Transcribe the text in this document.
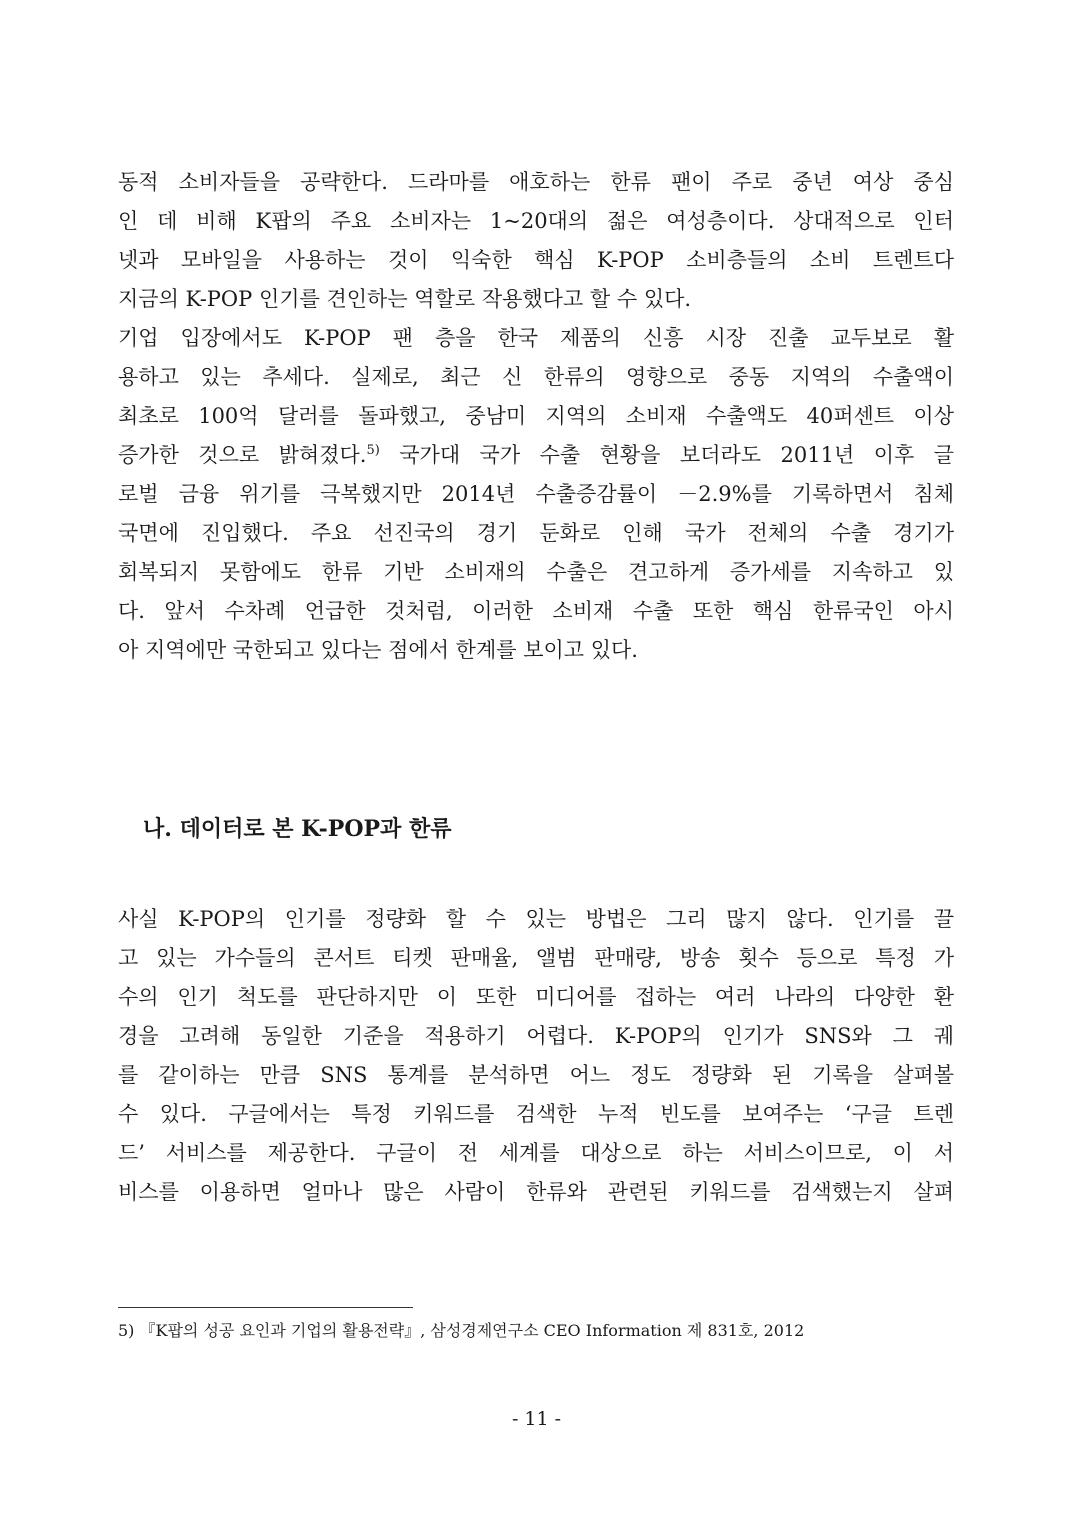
동적 소비자들을 공략한다. 드라마를 애호하는 한류 팬이 주로 중년 여상 중심
인 데 비해 K팝의 주요 소비자는 1~20대의 젊은 여성층이다. 상대적으로 인터
넷과 모바일을 사용하는 것이 익숙한 핵심 K-POP 소비층들의 소비 트렌트다
지금의 K-POP 인기를 견인하는 역할로 작용했다고 할 수 있다.
기업 입장에서도 K-POP 팬 층을 한국 제품의 신흥 시장 진출 교두보로 활
용하고 있는 추세다. 실제로, 최근 신 한류의 영향으로 중동 지역의 수출액이
최초로 100억 달러를 돌파했고, 중남미 지역의 소비재 수출액도 40퍼센트 이상
증가한 것으로 밝혀졌다.$^{5)}$ 국가대 국가 수출 현황을 보더라도 2011년 이후 글
로벌 금융 위기를 극복했지만 2014년 수출증감률이 －2.9%를 기록하면서 침체
국면에 진입했다. 주요 선진국의 경기 둔화로 인해 국가 전체의 수출 경기가
회복되지 못함에도 한류 기반 소비재의 수출은 견고하게 증가세를 지속하고 있
다. 앞서 수차례 언급한 것처럼, 이러한 소비재 수출 또한 핵심 한류국인 아시
아 지역에만 국한되고 있다는 점에서 한계를 보이고 있다.
나. 데이터로 본 K-POP과 한류
사실 K-POP의 인기를 정량화 할 수 있는 방법은 그리 많지 않다. 인기를 끌
고 있는 가수들의 콘서트 티켓 판매율, 앨범 판매량, 방송 횟수 등으로 특정 가
수의 인기 척도를 판단하지만 이 또한 미디어를 접하는 여러 나라의 다양한 환
경을 고려해 동일한 기준을 적용하기 어렵다. K-POP의 인기가 SNS와 그 궤
를 같이하는 만큼 SNS 통계를 분석하면 어느 정도 정량화 된 기록을 살펴볼
수 있다. 구글에서는 특정 키워드를 검색한 누적 빈도를 보여주는 ‘구글 트렌
드’ 서비스를 제공한다. 구글이 전 세계를 대상으로 하는 서비스이므로, 이 서
비스를 이용하면 얼마나 많은 사람이 한류와 관련된 키워드를 검색했는지 살펴
5) 『K팝의 성공 요인과 기업의 활용전략』, 삼성경제연구소 CEO Information 제 831호, 2012
- 11 -
